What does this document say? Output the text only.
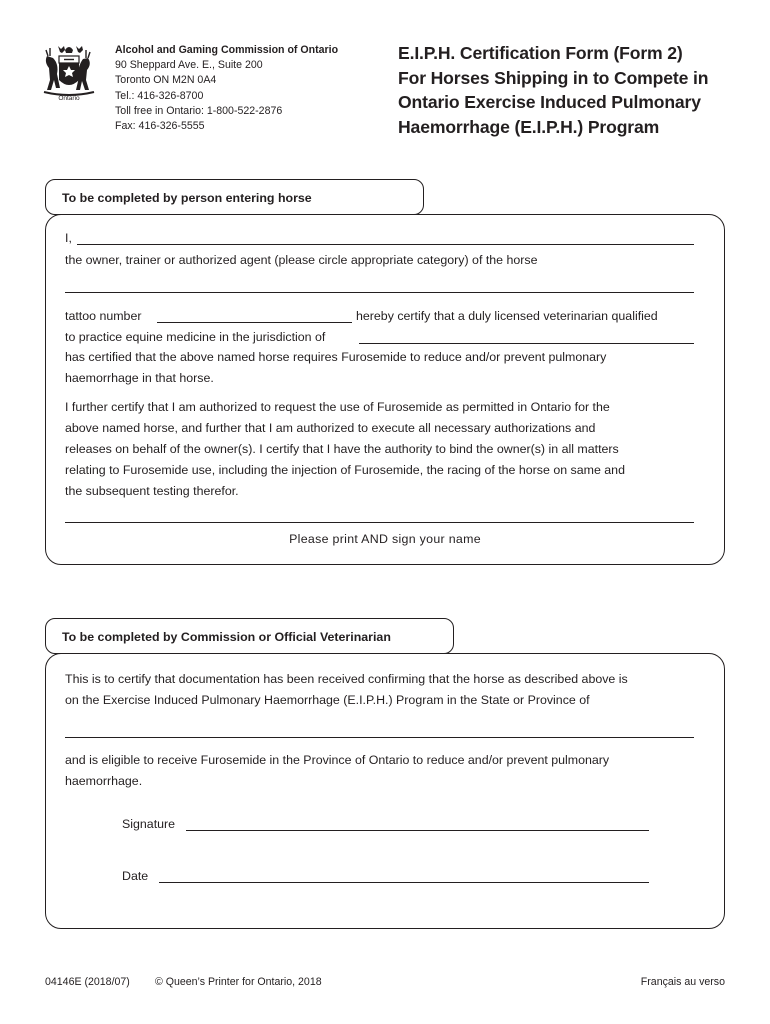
Ontario
Alcohol and Gaming Commission of Ontario
90 Sheppard Ave. E., Suite 200
Toronto ON M2N 0A4
Tel.: 416-326-8700
Toll free in Ontario: 1-800-522-2876
Fax: 416-326-5555
E.I.P.H. Certification Form (Form 2)
For Horses Shipping in to Compete in
Ontario Exercise Induced Pulmonary
Haemorrhage (E.I.P.H.) Program
To be completed by person entering horse
I,
the owner, trainer or authorized agent (please circle appropriate category) of the horse
tattoo number	hereby certify that a duly licensed veterinarian qualified
to practice equine medicine in the jurisdiction of
has certified that the above named horse requires Furosemide to reduce and/or prevent pulmonary
haemorrhage in that horse.
I further certify that I am authorized to request the use of Furosemide as permitted in Ontario for the
above named horse, and further that I am authorized to execute all necessary authorizations and
releases on behalf of the owner(s). I certify that I have the authority to bind the owner(s) in all matters
relating to Furosemide use, including the injection of Furosemide, the racing of the horse on same and
the subsequent testing therefor.
Please print AND sign your name
To be completed by Commission or Official Veterinarian
This is to certify that documentation has been received confirming that the horse as described above is
on the Exercise Induced Pulmonary Haemorrhage (E.I.P.H.) Program in the State or Province of
and is eligible to receive Furosemide in the Province of Ontario to reduce and/or prevent pulmonary
haemorrhage.
Signature
Date
04146E (2018/07) © Queen’s Printer for Ontario, 2018	Français au verso
